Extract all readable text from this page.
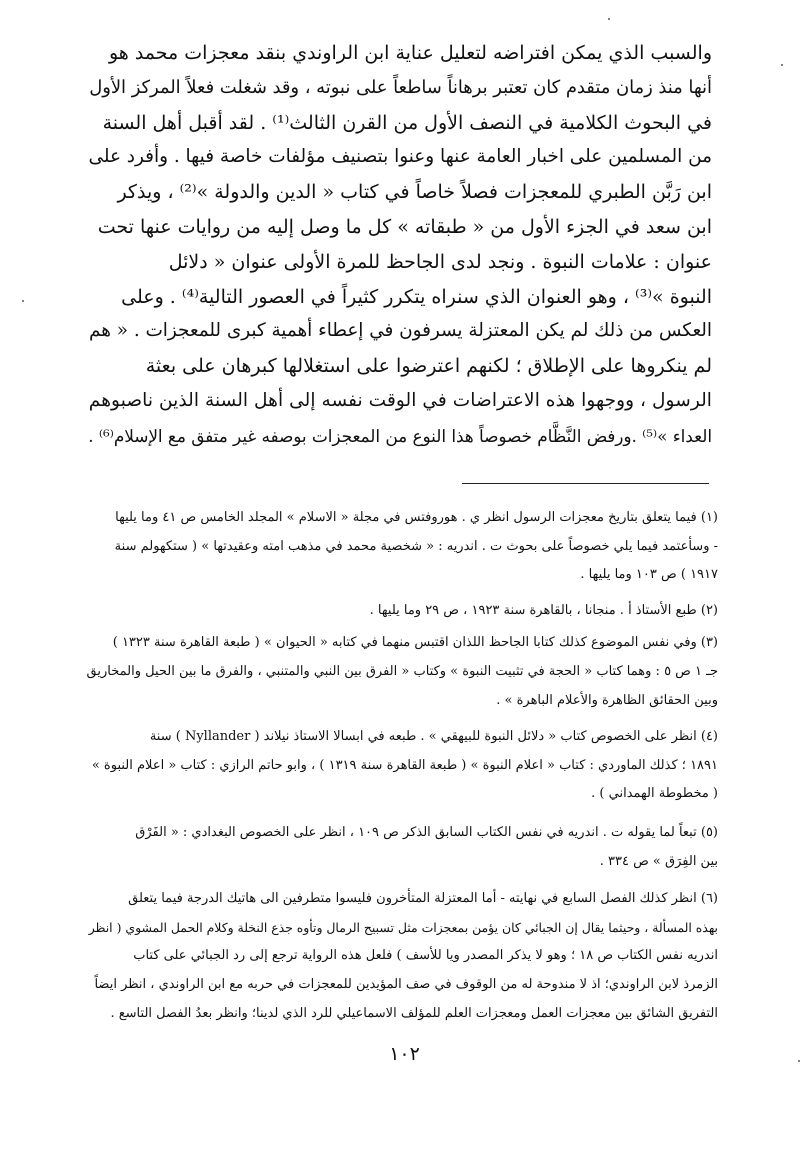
والسبب الذي يمكن افتراضه لتعليل عناية ابن الراوندي بنقد معجزات محمد هو
أنها منذ زمان متقدم كان تعتبر برهاناً ساطعاً على نبوته ، وقد شغلت فعلاً المركز الأول
في البحوث الكلامية في النصف الأول من القرن الثالث⁽¹⁾ . لقد أقبل أهل السنة
من المسلمين على اخبار العامة عنها وعنوا بتصنيف مؤلفات خاصة فيها . وأفرد على
ابن رَبَّن الطبري للمعجزات فصلاً خاصاً في كتاب « الدين والدولة »⁽²⁾ ، ويذكر
ابن سعد في الجزء الأول من « طبقاته » كل ما وصل إليه من روايات عنها تحت
عنوان : علامات النبوة . ونجد لدى الجاحظ للمرة الأولى عنوان « دلائل
النبوة »⁽³⁾ ، وهو العنوان الذي سنراه يتكرر كثيراً في العصور التالية⁽⁴⁾ . وعلى
العكس من ذلك لم يكن المعتزلة يسرفون في إعطاء أهمية كبرى للمعجزات . « هم
لم ينكروها على الإطلاق ؛ لكنهم اعترضوا على استغلالها كبرهان على بعثة
الرسول ، ووجهوا هذه الاعتراضات في الوقت نفسه إلى أهل السنة الذين ناصبوهم
العداء »⁽⁵⁾ .ورفض النَّظَّام خصوصاً هذا النوع من المعجزات بوصفه غير متفق مع الإسلام⁽⁶⁾ .
(١) فيما يتعلق بتاريخ معجزات الرسول انظر ي . هوروفتس في مجلة « الاسلام » المجلد الخامس ص ٤١ وما يليها
- وسأعتمد فيما يلي خصوصاً على بحوث ت . اندريه : « شخصية محمد في مذهب امته وعقيدتها » ( ستكهولم سنة
١٩١٧ ) ص ١٠٣ وما يليها .
(٢) طبع الأستاذ أ . منجانا ، بالقاهرة سنة ١٩٢٣ ، ص ٢٩ وما يليها .
(٣) وفي نفس الموضوع كذلك كتابا الجاحظ اللذان اقتبس منهما في كتابه « الحيوان » ( طبعة القاهرة سنة ١٣٢٣ )
جـ ١ ص ٥ : وهما كتاب « الحجة في تثبيت النبوة » وكتاب « الفرق بين النبي والمتنبي ، والفرق ما بين الحيل والمخاريق
وبين الحقائق الظاهرة والأعلام الباهرة » .
(٤) انظر على الخصوص كتاب « دلائل النبوة للبيهقي » . طبعه في ابسالا الاستاذ نيلاند ( Nyllander ) سنة
١٨٩١ ؛ كذلك الماوردي : كتاب « اعلام النبوة » ( طبعة القاهرة سنة ١٣١٩ ) ، وابو حاتم الرازي : كتاب « اعلام النبوة »
( مخطوطة الهمداني ) .
(٥) تبعاً لما يقوله ت . اندريه في نفس الكتاب السابق الذكر ص ١٠٩ ، انظر على الخصوص البغدادي : « الفَرْق
بين الفِرَق » ص ٣٣٤ .
(٦) انظر كذلك الفصل السابع في نهايته - أما المعتزلة المتأخرون فليسوا متطرفين الى هاتيك الدرجة فيما يتعلق
بهذه المسألة ، وحيثما يقال إن الجبائي كان يؤمن بمعجزات مثل تسبيح الرمال وتأوه جذع النخلة وكلام الحمل المشوي ( انظر
اندريه نفس الكتاب ص ١٨ ؛ وهو لا يذكر المصدر ويا للأسف ) فلعل هذه الرواية ترجع إلى رد الجبائي على كتاب
الزمرذ لابن الراوندي؛ اذ لا مندوحة له من الوقوف في صف المؤيدين للمعجزات في حربه مع ابن الراوندي ، انظر ايضاً
التفريق الشائق بين معجزات العمل ومعجزات العلم للمؤلف الاسماعيلي للرد الذي لدينا؛ وانظر بعدُ الفصل التاسع .
١٠٢
